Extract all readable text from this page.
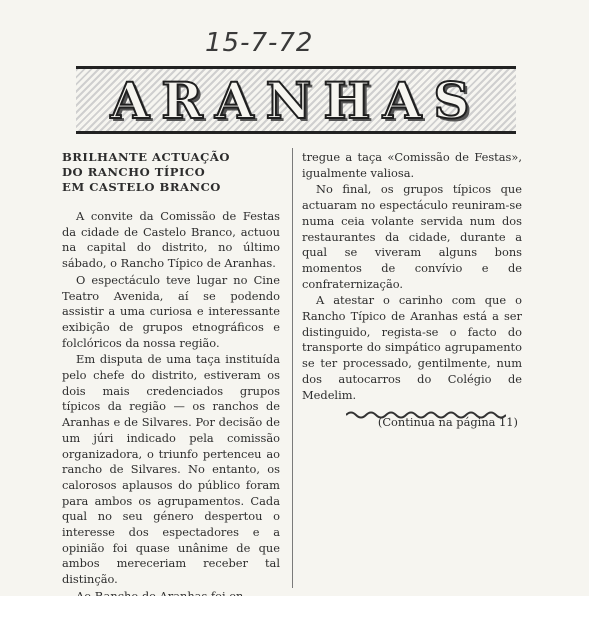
15-7-72
ARANHAS
BRILHANTE ACTUAÇÃO
DO RANCHO TÍPICO
EM CASTELO BRANCO

A convite da Comissão de Festas da cidade de Castelo Branco, actuou na capital do distrito, no último sábado, o Rancho Típico de Aranhas.

O espectáculo teve lugar no Cine Teatro Avenida, aí se podendo assistir a uma curiosa e interessante exibição de grupos etnográficos e folclóricos da nossa região.

Em disputa de uma taça instituída pelo chefe do distrito, estiveram os dois mais credenciados grupos típicos da região — os ranchos de Aranhas e de Silvares. Por decisão de um júri indicado pela comissão organizadora, o triunfo pertenceu ao rancho de Silvares. No entanto, os calorosos aplausos do público foram para ambos os agrupamentos. Cada qual no seu género despertou o interesse dos espectadores e a opinião foi quase unânime de que ambos mereceriam receber tal distinção.

tregue a taça «Comissão de Festas», igualmente valiosa.

No final, os grupos típicos que actuaram no espectáculo reuniram-se numa ceia volante servida num dos restaurantes da cidade, durante a qual se viveram alguns bons momentos de convívio e de confraternização.

A atestar o carinho com que o Rancho Típico de Aranhas está a ser distinguido, regista-se o facto do transporte do simpático agrupamento se ter processado, gentilmente, num dos autocarros do Colégio de Medelim.

(Continua na página 11)
